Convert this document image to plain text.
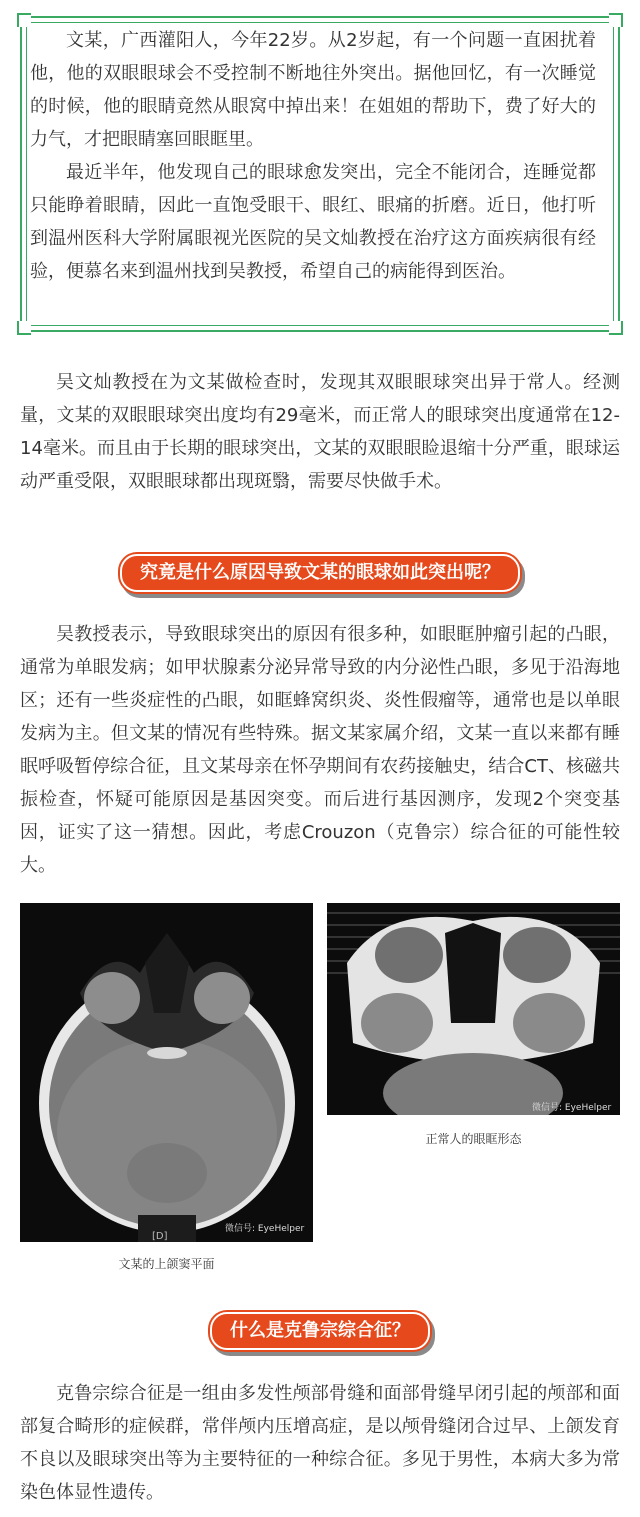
文某，广西灌阳人，今年22岁。从2岁起，有一个问题一直困扰着他，他的双眼眼球会不受控制不断地往外突出。据他回忆，有一次睡觉的时候，他的眼睛竟然从眼窝中掉出来！在姐姐的帮助下，费了好大的力气，才把眼睛塞回眼眶里。

最近半年，他发现自己的眼球愈发突出，完全不能闭合，连睡觉都只能睁着眼睛，因此一直饱受眼干、眼红、眼痛的折磨。近日，他打听到温州医科大学附属眼视光医院的吴文灿教授在治疗这方面疾病很有经验，便慕名来到温州找到吴教授，希望自己的病能得到医治。

吴文灿教授在为文某做检查时，发现其双眼眼球突出异于常人。经测量，文某的双眼眼球突出度均有29毫米，而正常人的眼球突出度通常在12-14毫米。而且由于长期的眼球突出，文某的双眼眼睑退缩十分严重，眼球运动严重受限，双眼眼球都出现斑翳，需要尽快做手术。

究竟是什么原因导致文某的眼球如此突出呢？

吴教授表示，导致眼球突出的原因有很多种，如眼眶肿瘤引起的凸眼，通常为单眼发病；如甲状腺素分泌异常导致的内分泌性凸眼，多见于沿海地区；还有一些炎症性的凸眼，如眶蜂窝织炎、炎性假瘤等，通常也是以单眼发病为主。但文某的情况有些特殊。据文某家属介绍，文某一直以来都有睡眠呼吸暂停综合征，且文某母亲在怀孕期间有农药接触史，结合CT、核磁共振检查，怀疑可能原因是基因突变。而后进行基因测序，发现2个突变基因，证实了这一猜想。因此，考虑Crouzon（克鲁宗）综合征的可能性较大。

微信号: EyeHelper
[D]
文某的上颌窦平面
微信号: EyeHelper
正常人的眼眶形态
什么是克鲁宗综合征？

克鲁宗综合征是一组由多发性颅部骨缝和面部骨缝早闭引起的颅部和面部复合畸形的症候群，常伴颅内压增高症，是以颅骨缝闭合过早、上颌发育不良以及眼球突出等为主要特征的一种综合征。多见于男性，本病大多为常染色体显性遗传。
